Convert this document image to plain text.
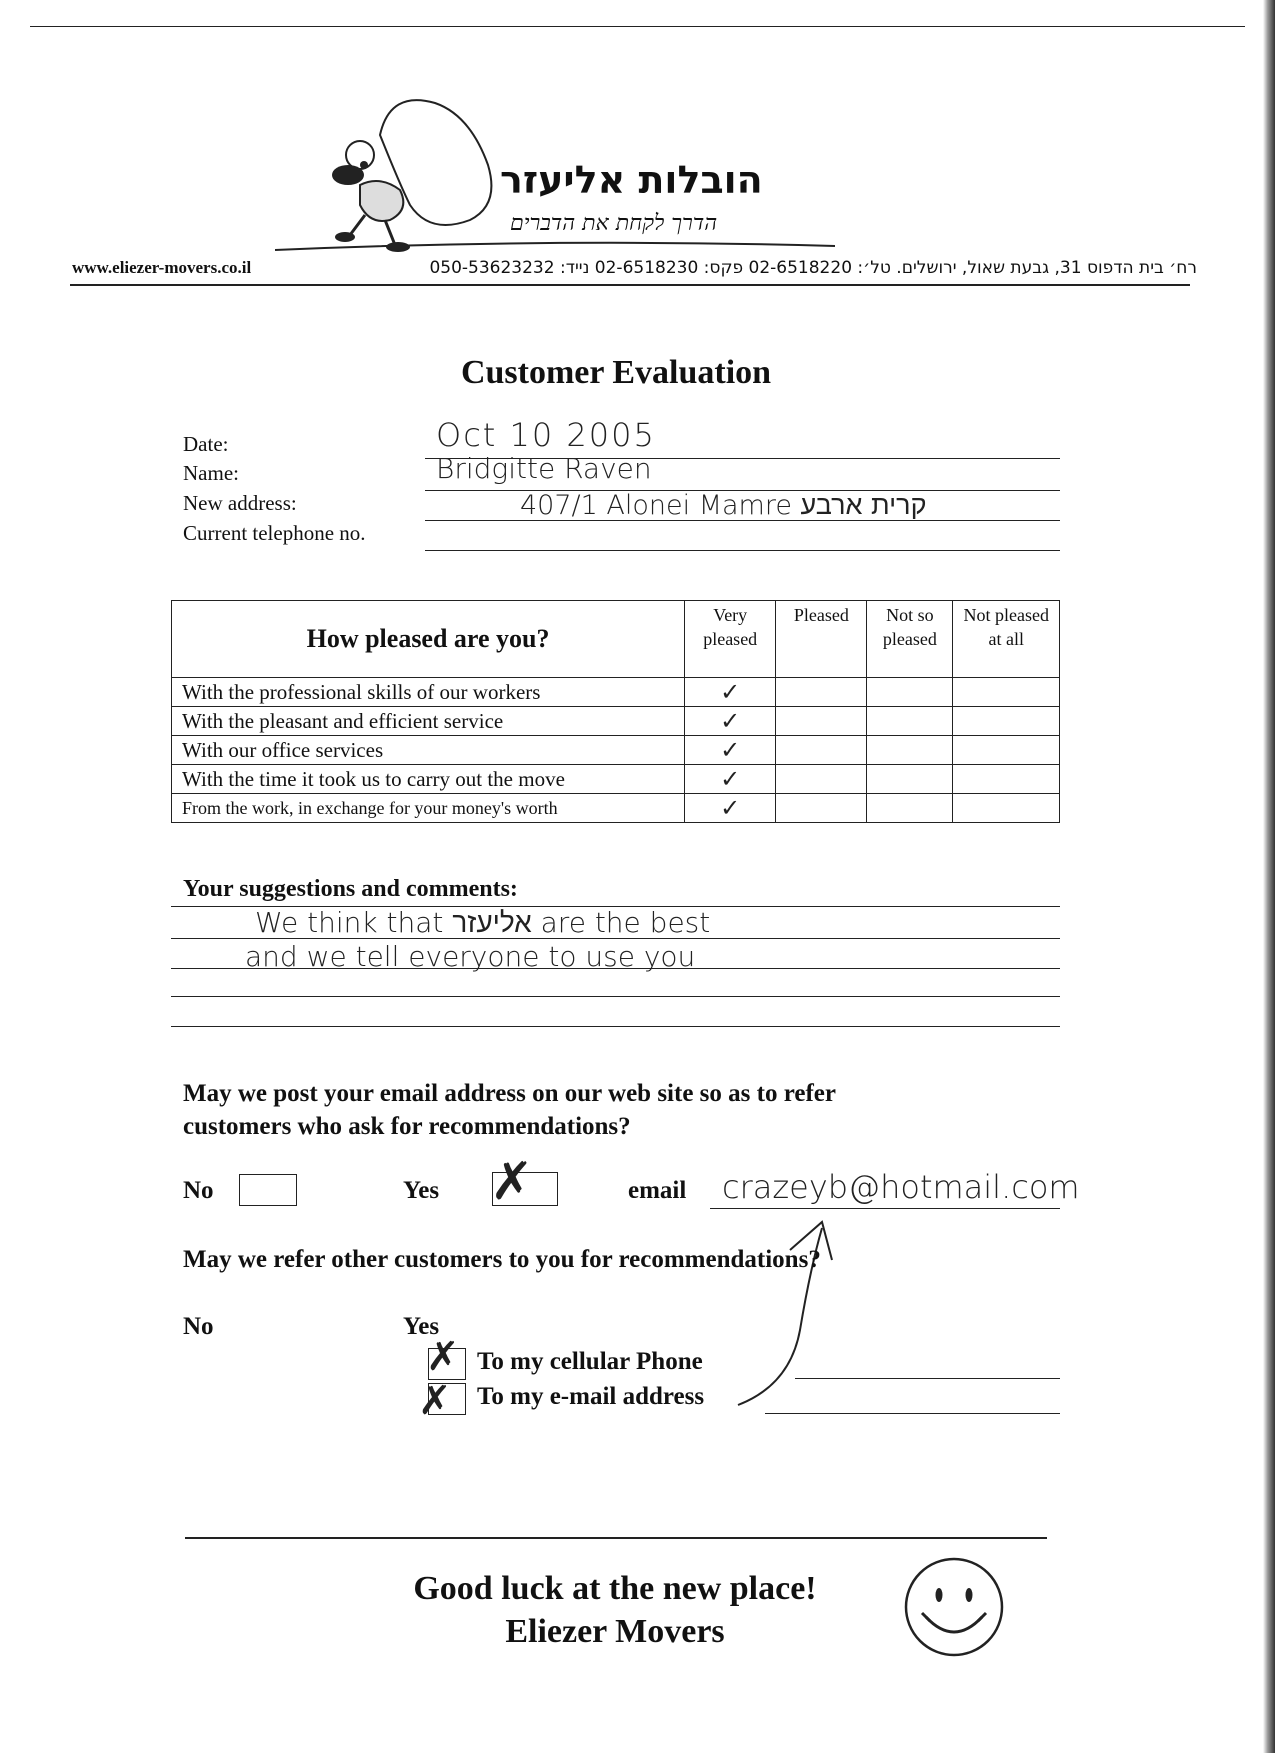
הובלות אליעזר
הדרך לקחת את הדברים
www.eliezer-movers.co.il	רח׳ בית הדפוס 31, גבעת שאול, ירושלים. טל׳: 02-6518220 פקס: 02-6518230 נייד: 050-53623232
Customer Evaluation
Date:	Oct 10 2005
Name:	Bridgitte Raven
New address:	407/1 Alonei Mamre קרית ארבע
Current telephone no.
How pleased are you?	Very pleased	Pleased	Not so pleased	Not pleased at all
With the professional skills of our workers	✓			
With the pleasant and efficient service	✓			
With our office services	✓			
With the time it took us to carry out the move	✓			
From the work, in exchange for your money's worth	✓			
Your suggestions and comments:
We think that אליעזר are the best
and we tell everyone to use you
May we post your email address on our web site so as to refer
customers who ask for recommendations?
No	Yes ✗	email crazeyb@hotmail.com
May we refer other customers to you for recommendations?
No	Yes
✗ To my cellular Phone
✗ To my e-mail address
Good luck at the new place!
Eliezer Movers
